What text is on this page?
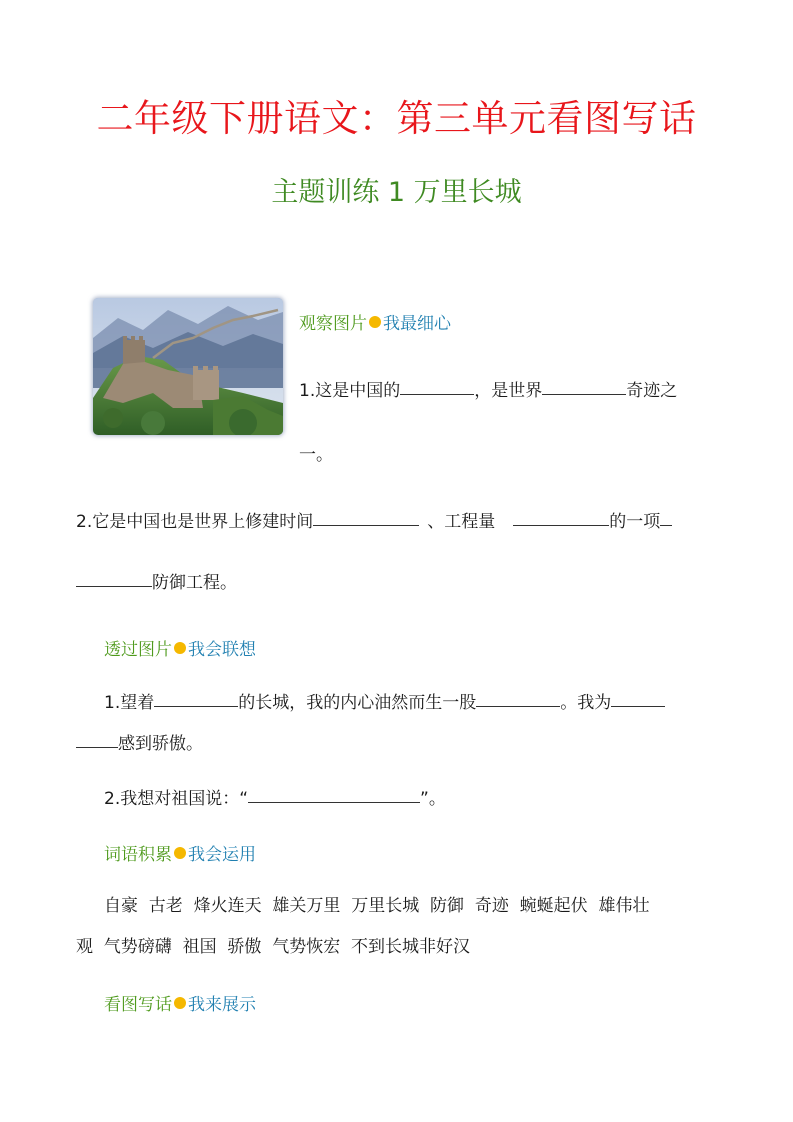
二年级下册语文：第三单元看图写话
主题训练 1 万里长城
观察图片 我最细心
1.这是中国的	，是世界	奇迹之
一。
2.它是中国也是世界上修建时间	、工程量	的一项
防御工程。
透过图片 我会联想
1.望着	的长城，我的内心油然而生一股	。我为
感到骄傲。
2.我想对祖国说：“	”。
词语积累 我会运用
自豪  古老  烽火连天  雄关万里  万里长城  防御  奇迹  蜿蜒起伏  雄伟壮
观  气势磅礴  祖国  骄傲  气势恢宏  不到长城非好汉
看图写话 我来展示
